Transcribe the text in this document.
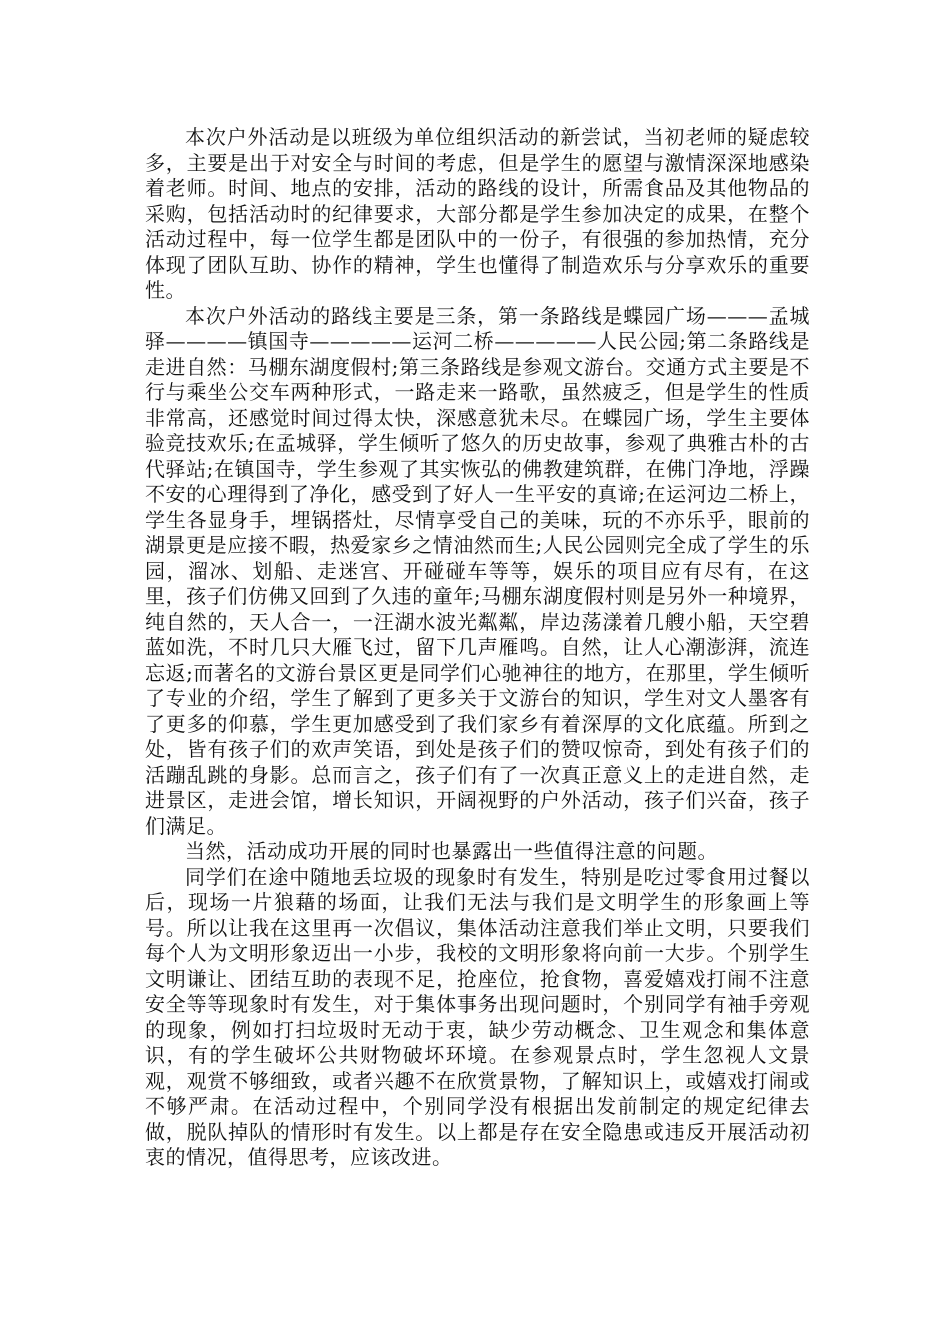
本次户外活动是以班级为单位组织活动的新尝试，当初老师的疑虑较多，主要是出于对安全与时间的考虑，但是学生的愿望与激情深深地感染着老师。时间、地点的安排，活动的路线的设计，所需食品及其他物品的采购，包括活动时的纪律要求，大部分都是学生参加决定的成果，在整个活动过程中，每一位学生都是团队中的一份子，有很强的参加热情，充分体现了团队互助、协作的精神，学生也懂得了制造欢乐与分享欢乐的重要性。

本次户外活动的路线主要是三条，第一条路线是蝶园广场———孟城驿————镇国寺—————运河二桥—————人民公园;第二条路线是走进自然：马棚东湖度假村;第三条路线是参观文游台。交通方式主要是不行与乘坐公交车两种形式，一路走来一路歌，虽然疲乏，但是学生的性质非常高，还感觉时间过得太快，深感意犹未尽。在蝶园广场，学生主要体验竞技欢乐;在孟城驿，学生倾听了悠久的历史故事，参观了典雅古朴的古代驿站;在镇国寺，学生参观了其实恢弘的佛教建筑群，在佛门净地，浮躁不安的心理得到了净化，感受到了好人一生平安的真谛;在运河边二桥上，学生各显身手，埋锅搭灶，尽情享受自己的美味，玩的不亦乐乎，眼前的湖景更是应接不暇，热爱家乡之情油然而生;人民公园则完全成了学生的乐园，溜冰、划船、走迷宫、开碰碰车等等，娱乐的项目应有尽有，在这里，孩子们仿佛又回到了久违的童年;马棚东湖度假村则是另外一种境界，纯自然的，天人合一，一汪湖水波光粼粼，岸边荡漾着几艘小船，天空碧蓝如洗，不时几只大雁飞过，留下几声雁鸣。自然，让人心潮澎湃，流连忘返;而著名的文游台景区更是同学们心驰神往的地方，在那里，学生倾听了专业的介绍，学生了解到了更多关于文游台的知识，学生对文人墨客有了更多的仰慕，学生更加感受到了我们家乡有着深厚的文化底蕴。所到之处，皆有孩子们的欢声笑语，到处是孩子们的赞叹惊奇，到处有孩子们的活蹦乱跳的身影。总而言之，孩子们有了一次真正意义上的走进自然，走进景区，走进会馆，增长知识，开阔视野的户外活动，孩子们兴奋，孩子们满足。

当然，活动成功开展的同时也暴露出一些值得注意的问题。

同学们在途中随地丢垃圾的现象时有发生，特别是吃过零食用过餐以后，现场一片狼藉的场面，让我们无法与我们是文明学生的形象画上等号。所以让我在这里再一次倡议，集体活动注意我们举止文明，只要我们每个人为文明形象迈出一小步，我校的文明形象将向前一大步。个别学生文明谦让、团结互助的表现不足，抢座位，抢食物，喜爱嬉戏打闹不注意安全等等现象时有发生，对于集体事务出现问题时，个别同学有袖手旁观的现象，例如打扫垃圾时无动于衷，缺少劳动概念、卫生观念和集体意识，有的学生破坏公共财物破坏环境。在参观景点时，学生忽视人文景观，观赏不够细致，或者兴趣不在欣赏景物，了解知识上，或嬉戏打闹或不够严肃。在活动过程中，个别同学没有根据出发前制定的规定纪律去做，脱队掉队的情形时有发生。以上都是存在安全隐患或违反开展活动初衷的情况，值得思考，应该改进。
